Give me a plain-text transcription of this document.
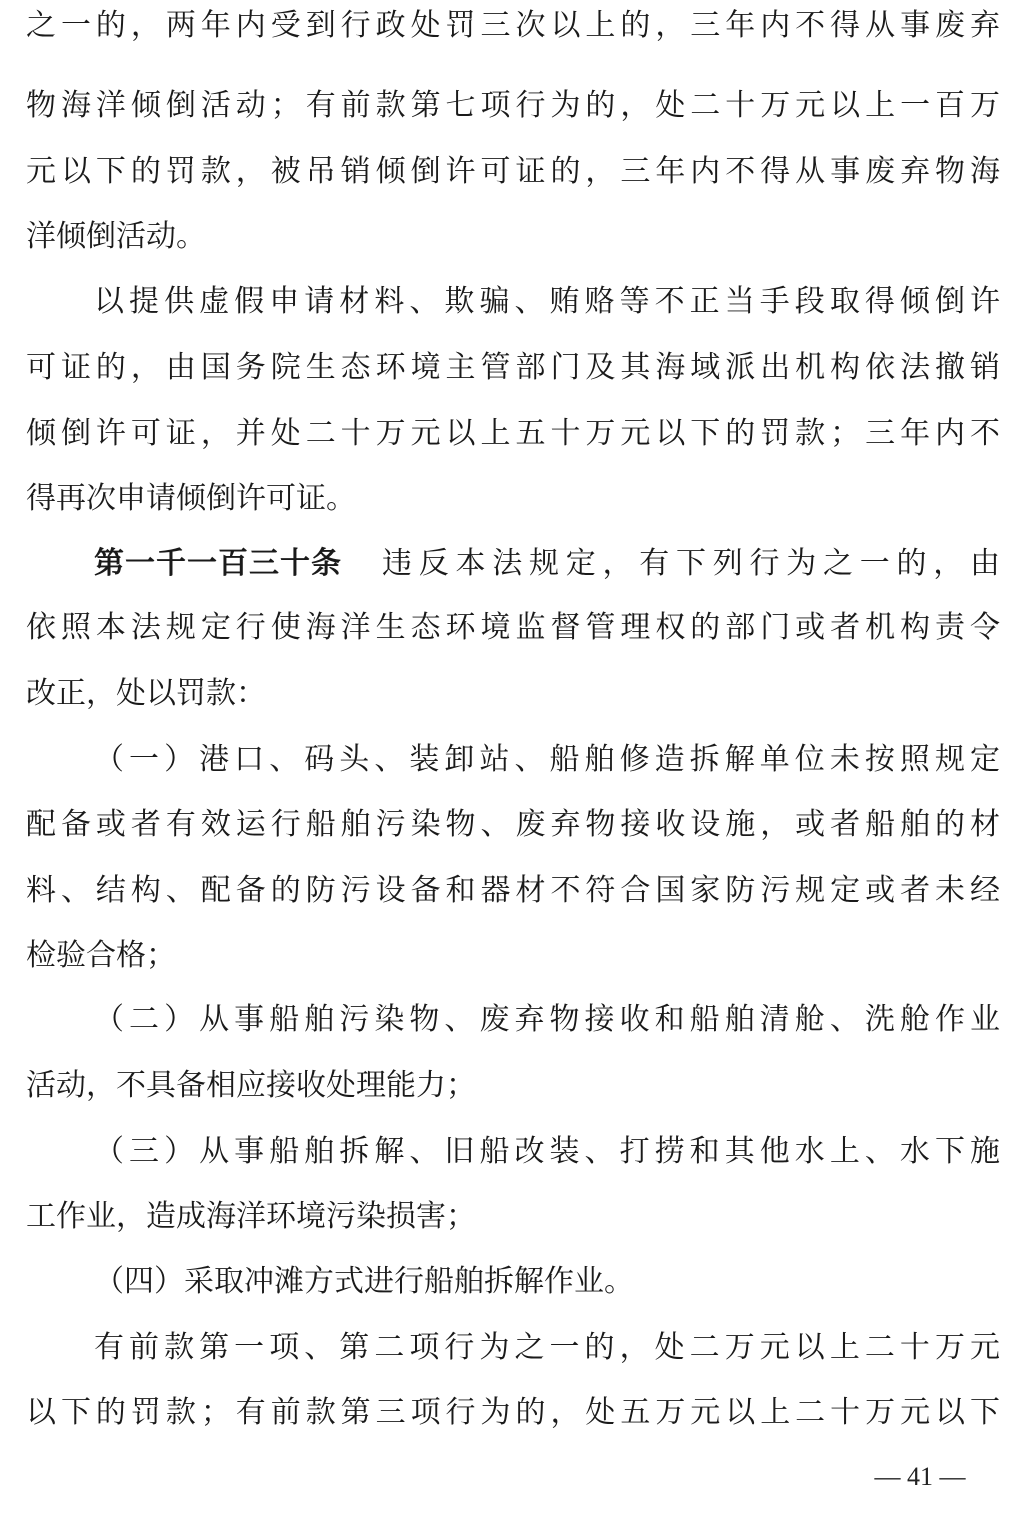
之一的，两年内受到行政处罚三次以上的，三年内不得从事废弃
物海洋倾倒活动；有前款第七项行为的，处二十万元以上一百万
元以下的罚款，被吊销倾倒许可证的，三年内不得从事废弃物海
洋倾倒活动。
以提供虚假申请材料、欺骗、贿赂等不正当手段取得倾倒许
可证的，由国务院生态环境主管部门及其海域派出机构依法撤销
倾倒许可证，并处二十万元以上五十万元以下的罚款；三年内不
得再次申请倾倒许可证。
第一千一百三十条 违反本法规定，有下列行为之一的，由
依照本法规定行使海洋生态环境监督管理权的部门或者机构责令
改正，处以罚款：
（一）港口、码头、装卸站、船舶修造拆解单位未按照规定
配备或者有效运行船舶污染物、废弃物接收设施，或者船舶的材
料、结构、配备的防污设备和器材不符合国家防污规定或者未经
检验合格；
（二）从事船舶污染物、废弃物接收和船舶清舱、洗舱作业
活动，不具备相应接收处理能力；
（三）从事船舶拆解、旧船改装、打捞和其他水上、水下施
工作业，造成海洋环境污染损害；
（四）采取冲滩方式进行船舶拆解作业。
有前款第一项、第二项行为之一的，处二万元以上二十万元
以下的罚款；有前款第三项行为的，处五万元以上二十万元以下
— 41 —
